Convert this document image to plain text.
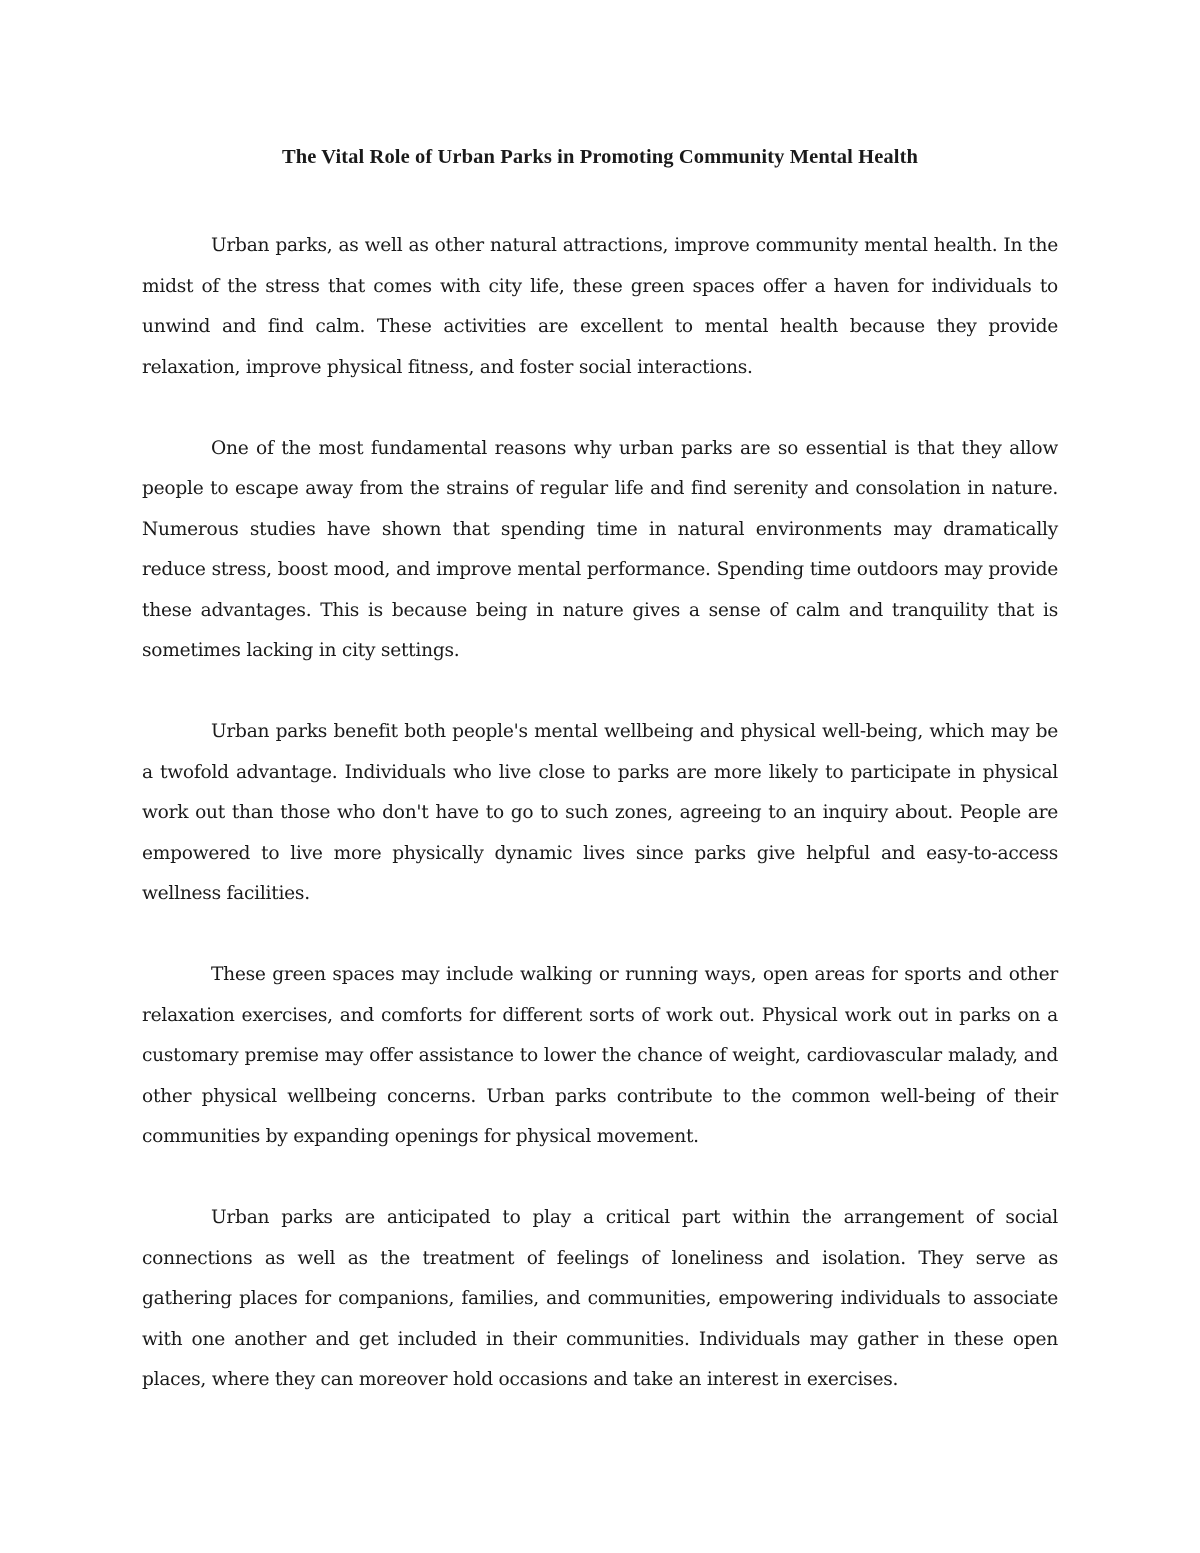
The Vital Role of Urban Parks in Promoting Community Mental Health

Urban parks, as well as other natural attractions, improve community mental health. In the midst of the stress that comes with city life, these green spaces offer a haven for individuals to unwind and find calm. These activities are excellent to mental health because they provide relaxation, improve physical fitness, and foster social interactions.

One of the most fundamental reasons why urban parks are so essential is that they allow people to escape away from the strains of regular life and find serenity and consolation in nature. Numerous studies have shown that spending time in natural environments may dramatically reduce stress, boost mood, and improve mental performance. Spending time outdoors may provide these advantages. This is because being in nature gives a sense of calm and tranquility that is sometimes lacking in city settings.

Urban parks benefit both people's mental wellbeing and physical well-being, which may be a twofold advantage. Individuals who live close to parks are more likely to participate in physical work out than those who don't have to go to such zones, agreeing to an inquiry about. People are empowered to live more physically dynamic lives since parks give helpful and easy-to-access wellness facilities.

These green spaces may include walking or running ways, open areas for sports and other relaxation exercises, and comforts for different sorts of work out. Physical work out in parks on a customary premise may offer assistance to lower the chance of weight, cardiovascular malady, and other physical wellbeing concerns. Urban parks contribute to the common well-being of their communities by expanding openings for physical movement.

Urban parks are anticipated to play a critical part within the arrangement of social connections as well as the treatment of feelings of loneliness and isolation. They serve as gathering places for companions, families, and communities, empowering individuals to associate with one another and get included in their communities. Individuals may gather in these open places, where they can moreover hold occasions and take an interest in exercises.
